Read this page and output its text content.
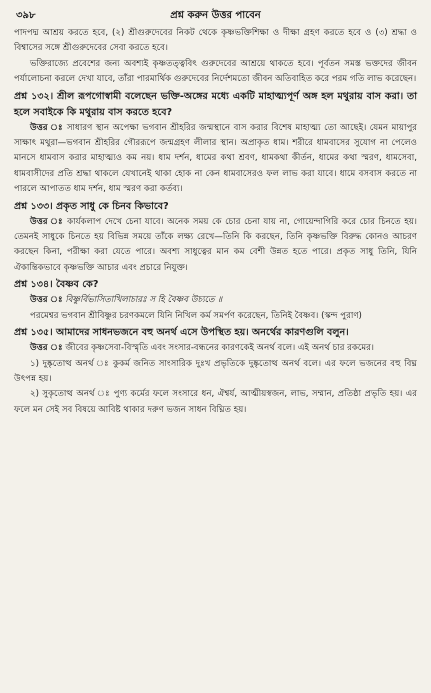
৩৯৮	প্রশ্ন করুন উত্তর পাবেন

পাদপদ্ম আশ্রয় করতে হবে, (২) শ্রীগুরুদেবের নিকট থেকে কৃষ্ণভক্তিশিক্ষা ও দীক্ষা গ্রহণ করতে হবে ও (৩) শ্রদ্ধা ও বিশ্বাসের সঙ্গে শ্রীগুরুদেবের সেবা করতে হবে।

ভক্তিরাজ্যে প্রবেশের জন্য অবশ্যই কৃষ্ণতত্ত্ববিৎ গুরুদেবের আশ্রয়ে থাকতে হবে। পূর্বতন সমস্ত ভক্তদের জীবন পর্যালোচনা করলে দেখা যাবে, তাঁরা পারমার্থিক গুরুদেবের নির্দেশমতো জীবন অতিবাহিত করে পরম গতি লাভ করেছেন।

প্রশ্ন ১৩২। শ্রীল রূপগোস্বামী বলেছেন ভক্তি-অঙ্গের মধ্যে একটি মাহাত্ম্যপূর্ণ অঙ্গ হল মথুরায় বাস করা। তা হলে সবাইকে কি মথুরায় বাস করতে হবে?

উত্তর ঃ সাধারণ স্থান অপেক্ষা ভগবান শ্রীহরির জন্মস্থানে বাস করার বিশেষ মাহাত্ম্য তো আছেই। যেমন মায়াপুর সাক্ষাৎ মথুরা—ভগবান শ্রীহরির গৌররূপে জন্মগ্রহণ লীলার স্থান। অপ্রাকৃত ধাম। শরীরে ধামবাসের সুযোগ না পেলেও মানসে ধামবাস করার মাহাত্ম্যও কম নয়। ধাম দর্শন, ধামের কথা শ্রবণ, ধামকথা কীর্তন, ধামের কথা স্মরণ, ধামসেবা, ধামবাসীদের প্রতি শ্রদ্ধা থাকলে যেখানেই থাকা হোক না কেন ধামবাসেরও ফল লাভ করা যাবে। ধামে বসবাস করতে না পারলে আপাতত ধাম দর্শন, ধাম স্মরণ করা কর্তব্য।

প্রশ্ন ১৩৩। প্রকৃত সাধু কে চিনব কিভাবে?

উত্তর ঃ কার্যকলাপ দেখে চেনা যাবে। অনেক সময় কে চোর চেনা যায় না, গোয়েন্দাগিরি করে চোর চিনতে হয়। তেমনই সাধুকে চিনতে হয় বিভিন্ন সময়ে তাঁকে লক্ষ্য রেখে—তিনি কি করছেন, তিনি কৃষ্ণভক্তি বিরুদ্ধ কোনও আচরণ করছেন কিনা, পরীক্ষা করা যেতে পারে। অবশ্য সাধুত্বের মান কম বেশী উন্নত হতে পারে। প্রকৃত সাধু তিনি, যিনি ঐকান্তিকভাবে কৃষ্ণভক্তি আচার এবং প্রচারে নিযুক্ত।

প্রশ্ন ১৩৪। বৈষ্ণব কে?

উত্তর ঃ বিষ্ণুর্বিভাসিতাখিলাচারঃ স হি বৈষ্ণব উচ্যতে ॥

পরমেশ্বর ভগবান শ্রীবিষ্ণুর চরণকমলে যিনি নিখিল কর্ম সমর্পণ করেছেন, তিনিই বৈষ্ণব। (স্কন্দ পুরাণ)

প্রশ্ন ১৩৫। আমাদের সাধনভজনে বহু অনর্থ এসে উপস্থিত হয়। অনর্থের কারণগুলি বলুন।

উত্তর ঃ জীবের কৃষ্ণসেবা-বিস্মৃতি এবং সংসার-বন্ধনের কারণকেই অনর্থ বলে। এই অনর্থ চার রকমের।

১) দুষ্কৃতোত্থ অনর্থ ঃ কুকর্ম জনিত সাংসারিক দুঃখ প্রভৃতিকে দুষ্কৃতোত্থ অনর্থ বলে। এর ফলে ভজনের বহু বিঘ্ন উৎপন্ন হয়।

২) সুকৃতোত্থ অনর্থ ঃ পুণ্য কর্মের ফলে সংসারে ধন, ঐশ্বর্য, আত্মীয়স্বজন, লাভ, সম্মান, প্রতিষ্ঠা প্রভৃতি হয়। এর ফলে মন সেই সব বিষয়ে আবিষ্ট থাকার দরুণ ভজন সাধন বিঘ্নিত হয়।
